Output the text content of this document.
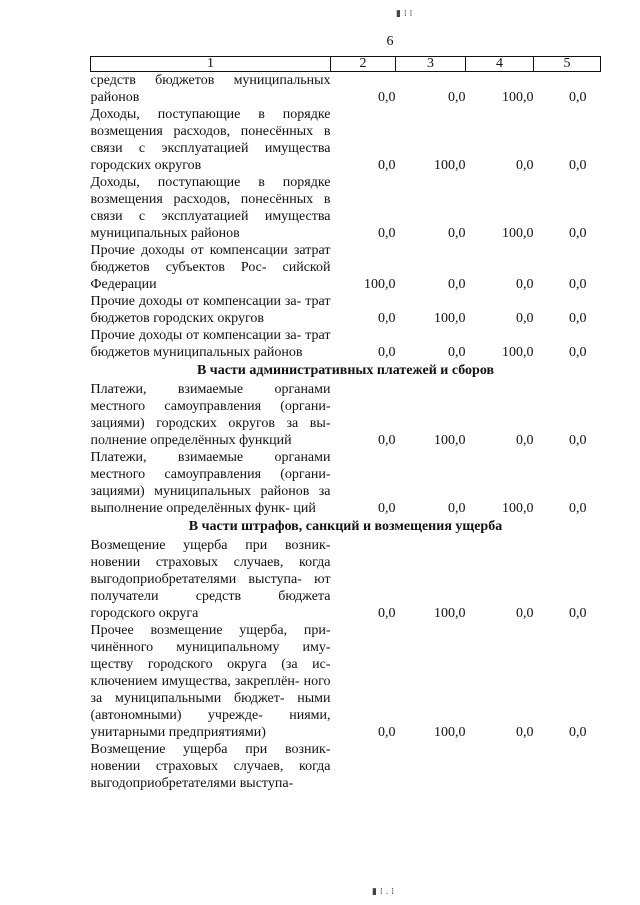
▮ ⁞ ⁞
6
1	2	3	4	5
средств бюджетов муниципальных районов	0,0	0,0	100,0	0,0
Доходы, поступающие в порядке возмещения расходов, понесённых в связи с эксплуатацией имущества городских округов	0,0	100,0	0,0	0,0
Доходы, поступающие в порядке возмещения расходов, понесённых в связи с эксплуатацией имущества муниципальных районов	0,0	0,0	100,0	0,0
Прочие доходы от компенсации затрат бюджетов субъектов Рос- сийской Федерации	100,0	0,0	0,0	0,0
Прочие доходы от компенсации за- трат бюджетов городских округов	0,0	100,0	0,0	0,0
Прочие доходы от компенсации за- трат бюджетов муниципальных районов	0,0	0,0	100,0	0,0
В части административных платежей и сборов				
Платежи, взимаемые органами местного самоуправления (органи- зациями) городских округов за вы- полнение определённых функций	0,0	100,0	0,0	0,0
Платежи, взимаемые органами местного самоуправления (органи- зациями) муниципальных районов за выполнение определённых функ- ций	0,0	0,0	100,0	0,0
В части штрафов, санкций и возмещения ущерба				
Возмещение ущерба при возник- новении страховых случаев, когда выгодоприобретателями выступа- ют получатели средств бюджета городского округа	0,0	100,0	0,0	0,0
Прочее возмещение ущерба, при- чинённого муниципальному иму- ществу городского округа (за ис- ключением имущества, закреплён- ного за муниципальными бюджет- ными (автономными) учрежде- ниями, унитарными предприятиями)	0,0	100,0	0,0	0,0
Возмещение ущерба при возник- новении страховых случаев, когда выгодоприобретателями выступа-				
▮ ⁞ . ⁞
